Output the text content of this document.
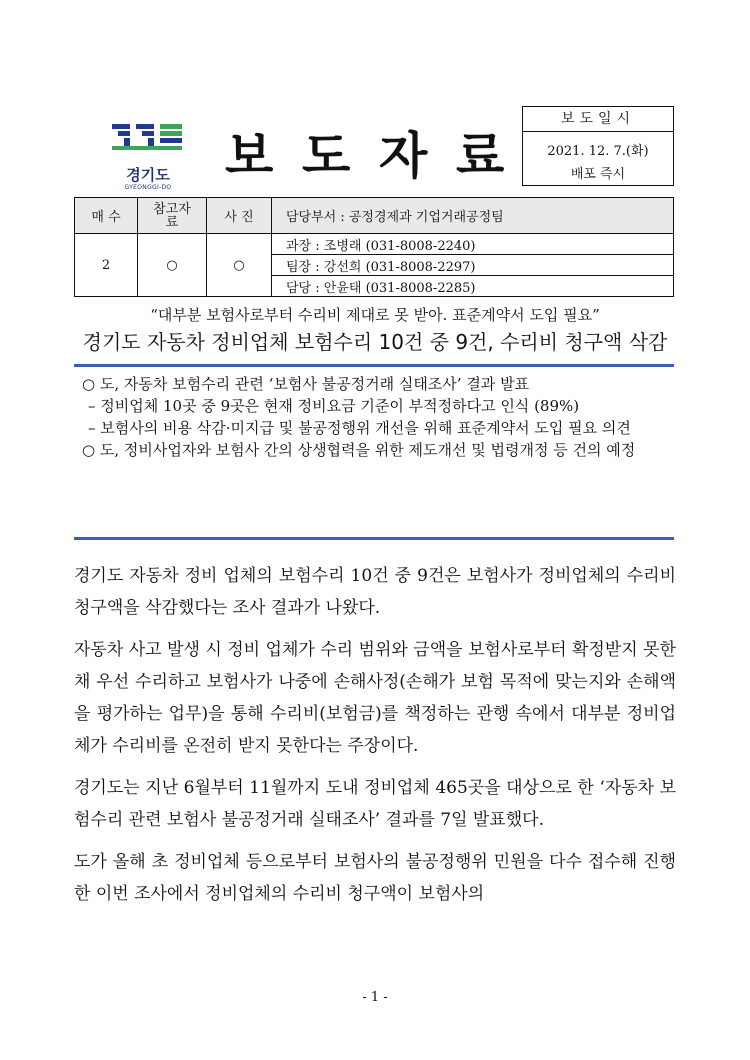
경기도
GYEONGGI-DO
보 도 자 료
보도일시
2021. 12. 7.(화)
배포 즉시
매 수	참고자료	사 진	담당부서 : 공정경제과 기업거래공정팀
2	○	○	과장 : 조병래 (031-8008-2240)
			팀장 : 강선희 (031-8008-2297)
			담당 : 안윤태 (031-8008-2285)
“대부분 보험사로부터 수리비 제대로 못 받아. 표준계약서 도입 필요”
경기도 자동차 정비업체 보험수리 10건 중 9건, 수리비 청구액 삭감
○ 도, 자동차 보험수리 관련 ‘보험사 불공정거래 실태조사’ 결과 발표
– 정비업체 10곳 중 9곳은 현재 정비요금 기준이 부적정하다고 인식 (89%)
– 보험사의 비용 삭감·미지급 및 불공정행위 개선을 위해 표준계약서 도입 필요 의견
○ 도, 정비사업자와 보험사 간의 상생협력을 위한 제도개선 및 법령개정 등 건의 예정

경기도 자동차 정비 업체의 보험수리 10건 중 9건은 보험사가 정비업체의 수리비 청구액을 삭감했다는 조사 결과가 나왔다.

자동차 사고 발생 시 정비 업체가 수리 범위와 금액을 보험사로부터 확정받지 못한 채 우선 수리하고 보험사가 나중에 손해사정(손해가 보험 목적에 맞는지와 손해액을 평가하는 업무)을 통해 수리비(보험금)를 책정하는 관행 속에서 대부분 정비업체가 수리비를 온전히 받지 못한다는 주장이다.

경기도는 지난 6월부터 11월까지 도내 정비업체 465곳을 대상으로 한 ‘자동차 보험수리 관련 보험사 불공정거래 실태조사’ 결과를 7일 발표했다.

도가 올해 초 정비업체 등으로부터 보험사의 불공정행위 민원을 다수 접수해 진행한 이번 조사에서 정비업체의 수리비 청구액이 보험사의

- 1 -
